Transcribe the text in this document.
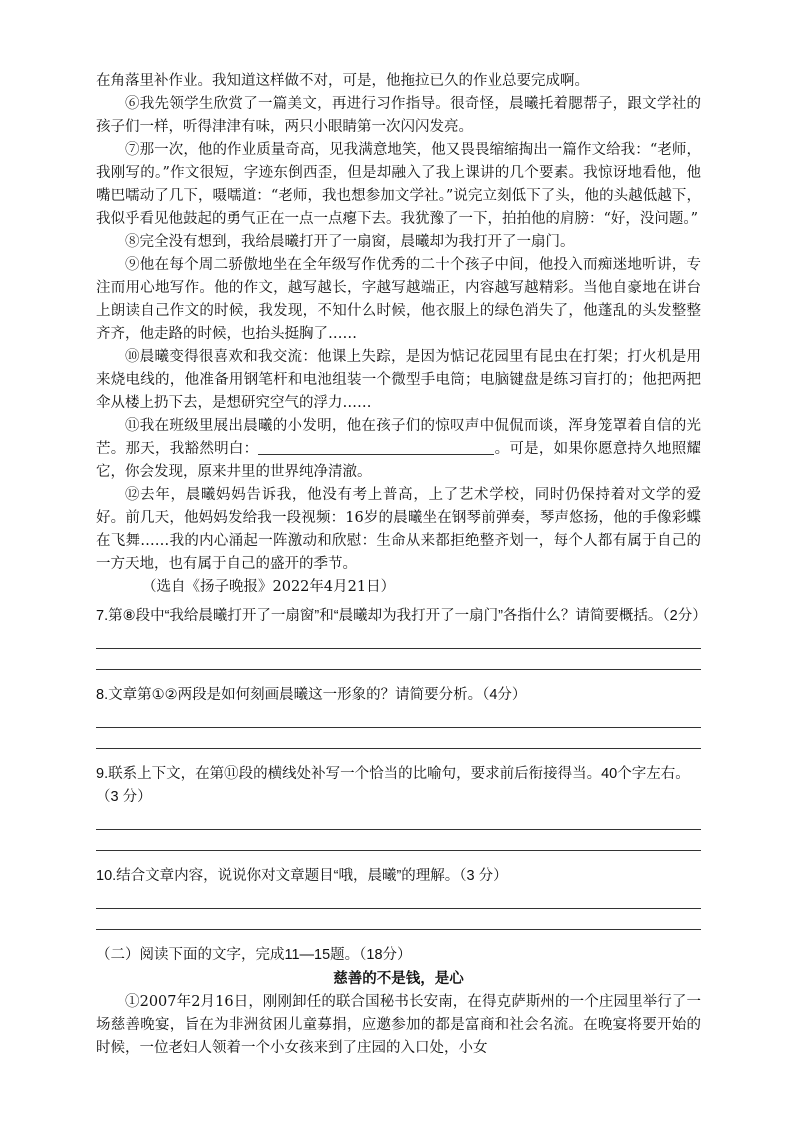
在角落里补作业。我知道这样做不对，可是，他拖拉已久的作业总要完成啊。

⑥我先领学生欣赏了一篇美文，再进行习作指导。很奇怪，晨曦托着腮帮子，跟文学社的孩子们一样，听得津津有味，两只小眼睛第一次闪闪发亮。

⑦那一次，他的作业质量奇高，见我满意地笑，他又畏畏缩缩掏出一篇作文给我：“老师，我刚写的。”作文很短，字迹东倒西歪，但是却融入了我上课讲的几个要素。我惊讶地看他，他嘴巴嚅动了几下，嗫嚅道：“老师，我也想参加文学社。”说完立刻低下了头，他的头越低越下，我似乎看见他鼓起的勇气正在一点一点瘪下去。我犹豫了一下，拍拍他的肩膀：“好，没问题。”

⑧完全没有想到，我给晨曦打开了一扇窗，晨曦却为我打开了一扇门。

⑨他在每个周二骄傲地坐在全年级写作优秀的二十个孩子中间，他投入而痴迷地听讲，专注而用心地写作。他的作文，越写越长，字越写越端正，内容越写越精彩。当他自豪地在讲台上朗读自己作文的时候，我发现，不知什么时候，他衣服上的绿色消失了，他蓬乱的头发整整齐齐，他走路的时候，也抬头挺胸了……

⑩晨曦变得很喜欢和我交流：他课上失踪，是因为惦记花园里有昆虫在打架；打火机是用来烧电线的，他准备用钢笔杆和电池组装一个微型手电筒；电脑键盘是练习盲打的；他把两把伞从楼上扔下去，是想研究空气的浮力……

⑪我在班级里展出晨曦的小发明，他在孩子们的惊叹声中侃侃而谈，浑身笼罩着自信的光芒。那天，我豁然明白：	。可是，如果你愿意持久地照耀它，你会发现，原来井里的世界纯净清澈。

⑫去年，晨曦妈妈告诉我，他没有考上普高，上了艺术学校，同时仍保持着对文学的爱好。前几天，他妈妈发给我一段视频：16岁的晨曦坐在钢琴前弹奏，琴声悠扬，他的手像彩蝶在飞舞……我的内心涌起一阵激动和欣慰：生命从来都拒绝整齐划一，每个人都有属于自己的一方天地，也有属于自己的盛开的季节。

（选自《扬子晚报》2022年4月21日）

7.第⑧段中“我给晨曦打开了一扇窗”和“晨曦却为我打开了一扇门”各指什么？请简要概括。（2分）

8.文章第①②两段是如何刻画晨曦这一形象的？请简要分析。（4分）

9.联系上下文，在第⑪段的横线处补写一个恰当的比喻句，要求前后衔接得当。40个字左右。（3 分）

10.结合文章内容，说说你对文章题目“哦，晨曦”的理解。（3 分）

（二）阅读下面的文字，完成11—15题。（18分）

慈善的不是钱，是心

①2007年2月16日，刚刚卸任的联合国秘书长安南，在得克萨斯州的一个庄园里举行了一场慈善晚宴，旨在为非洲贫困儿童募捐，应邀参加的都是富商和社会名流。在晚宴将要开始的时候，一位老妇人领着一个小女孩来到了庄园的入口处，小女
